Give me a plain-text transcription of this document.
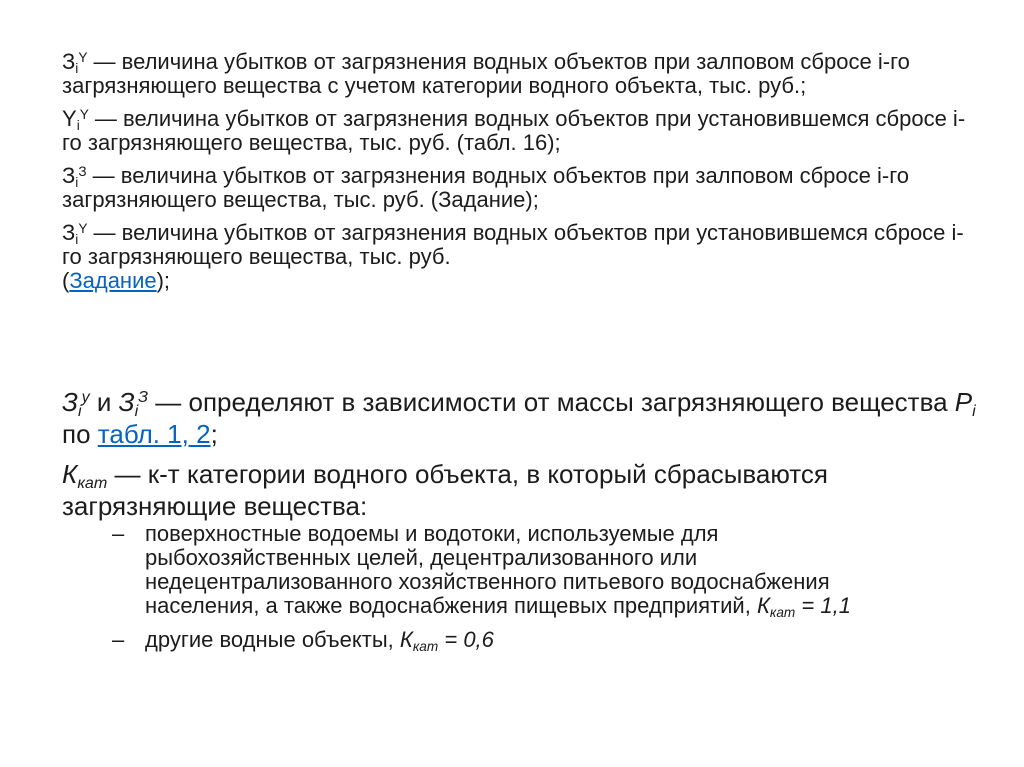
$З_i^Y$ — величина убытков от загрязнения водных объектов при залповом сбросе i-го загрязняющего вещества с учетом категории водного объекта, тыс. руб.;

$Y_i^Y$ — величина убытков от загрязнения водных объектов при установившемся сбросе i-го загрязняющего вещества, тыс. руб. (табл. 16);

$З_i^З$ — величина убытков от загрязнения водных объектов при залповом сбросе i-го загрязняющего вещества, тыс. руб. (Задание);

$З_i^Y$ — величина убытков от загрязнения водных объектов при установившемся сбросе i-го загрязняющего вещества, тыс. руб.
(Задание);

$З_i^у$ и $З_i^З$ — определяют в зависимости от массы загрязняющего вещества $P_i$ по табл. 1, 2;

$К_{кат}$ — к-т категории водного объекта, в который сбрасываются загрязняющие вещества:

– поверхностные водоемы и водотоки, используемые для рыбохозяйственных целей, децентрализованного или недецентрализованного хозяйственного питьевого водоснабжения населения, а также водоснабжения пищевых предприятий, $К_{кат} = 1,1$
– другие водные объекты, $К_{кат} = 0,6$
